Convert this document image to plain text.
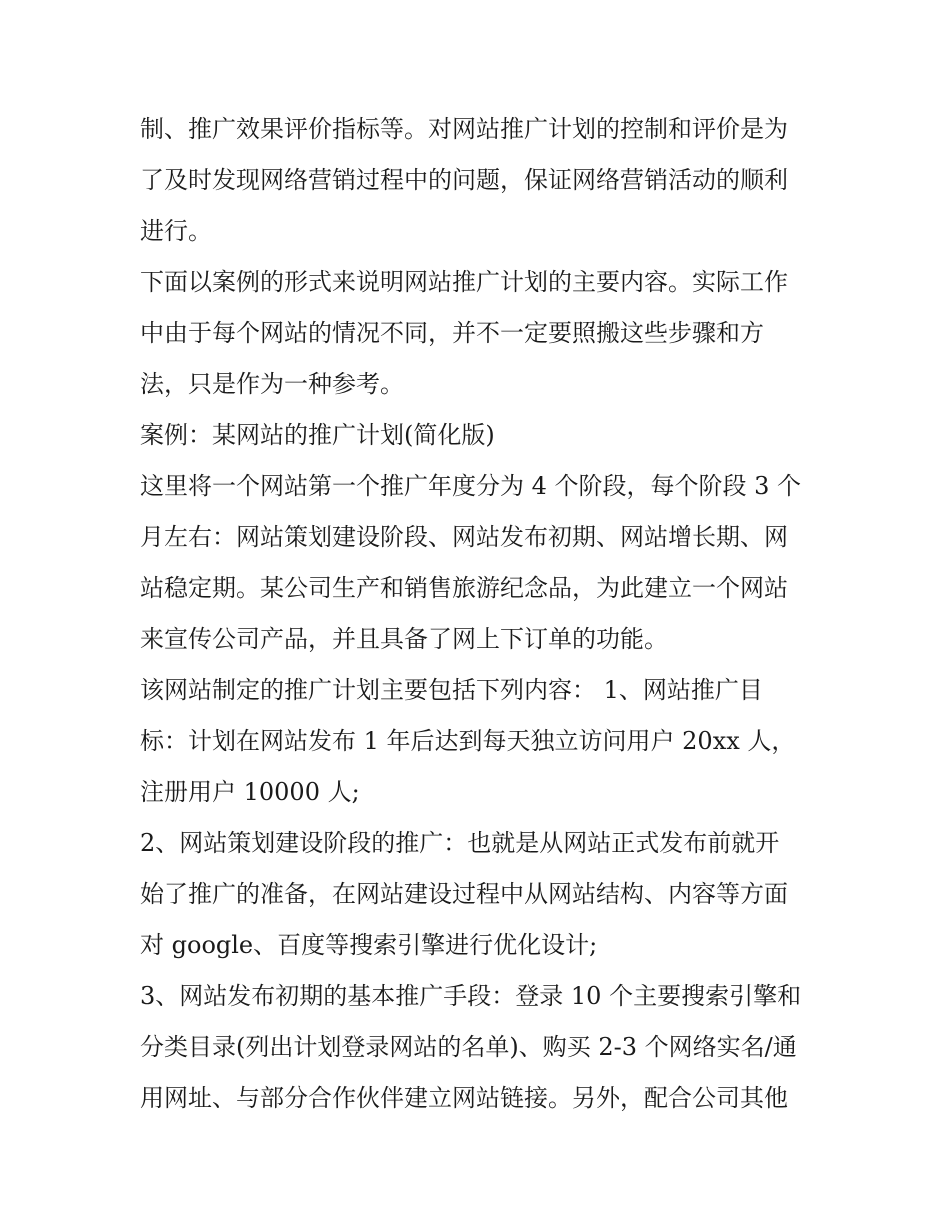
制、推广效果评价指标等。对网站推广计划的控制和评价是为
了及时发现网络营销过程中的问题，保证网络营销活动的顺利
进行。
下面以案例的形式来说明网站推广计划的主要内容。实际工作
中由于每个网站的情况不同，并不一定要照搬这些步骤和方
法，只是作为一种参考。
案例：某网站的推广计划(简化版)
这里将一个网站第一个推广年度分为 4 个阶段，每个阶段 3 个
月左右：网站策划建设阶段、网站发布初期、网站增长期、网
站稳定期。某公司生产和销售旅游纪念品，为此建立一个网站
来宣传公司产品，并且具备了网上下订单的功能。
该网站制定的推广计划主要包括下列内容： 1、网站推广目
标：计划在网站发布 1 年后达到每天独立访问用户 20xx 人，
注册用户 10000 人;
2、网站策划建设阶段的推广：也就是从网站正式发布前就开
始了推广的准备，在网站建设过程中从网站结构、内容等方面
对 google、百度等搜索引擎进行优化设计;
3、网站发布初期的基本推广手段：登录 10 个主要搜索引擎和
分类目录(列出计划登录网站的名单)、购买 2-3 个网络实名/通
用网址、与部分合作伙伴建立网站链接。另外，配合公司其他
